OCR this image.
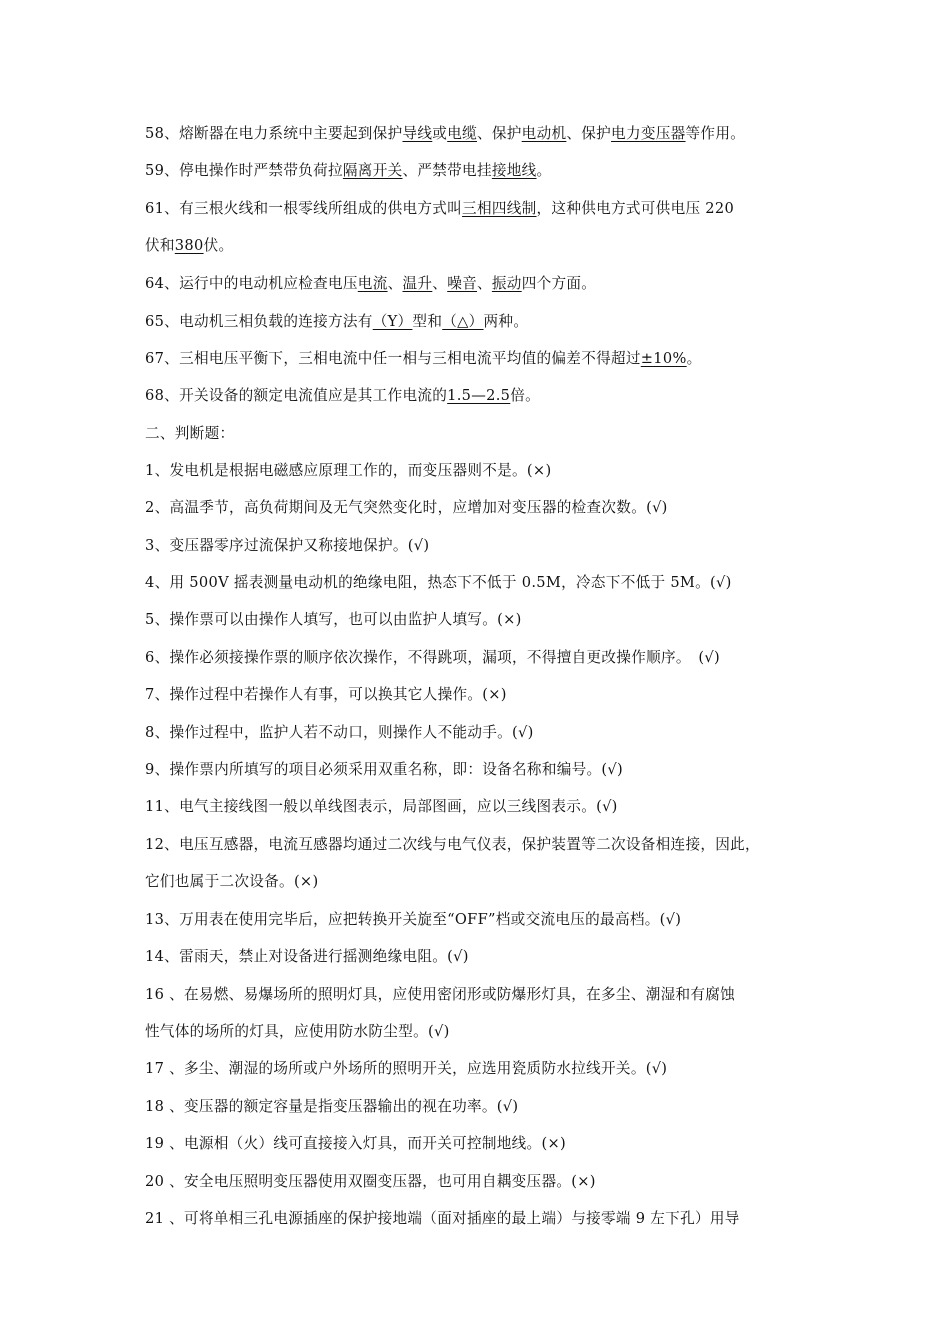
58、熔断器在电力系统中主要起到保护导线或电缆、保护电动机、保护电力变压器等作用。
59、停电操作时严禁带负荷拉隔离开关、严禁带电挂接地线。
61、有三根火线和一根零线所组成的供电方式叫三相四线制，这种供电方式可供电压 220
伏和380伏。
64、运行中的电动机应检查电压电流、温升、噪音、振动四个方面。
65、电动机三相负载的连接方法有（Y）型和（△）两种。
67、三相电压平衡下，三相电流中任一相与三相电流平均值的偏差不得超过±10%。
68、开关设备的额定电流值应是其工作电流的1.5—2.5倍。
二、判断题：
1、发电机是根据电磁感应原理工作的，而变压器则不是。(×)
2、高温季节，高负荷期间及无气突然变化时，应增加对变压器的检查次数。(√)
3、变压器零序过流保护又称接地保护。(√)
4、用 500V 摇表测量电动机的绝缘电阻，热态下不低于 0.5M，冷态下不低于 5M。(√)
5、操作票可以由操作人填写，也可以由监护人填写。(×)
6、操作必须接操作票的顺序依次操作，不得跳项，漏项，不得擅自更改操作顺序。　(√)
7、操作过程中若操作人有事，可以换其它人操作。(×)
8、操作过程中，监护人若不动口，则操作人不能动手。(√)
9、操作票内所填写的项目必须采用双重名称，即：设备名称和编号。(√)
11、电气主接线图一般以单线图表示，局部图画，应以三线图表示。(√)
12、电压互感器，电流互感器均通过二次线与电气仪表，保护装置等二次设备相连接，因此，
它们也属于二次设备。(×)
13、万用表在使用完毕后，应把转换开关旋至“OFF”档或交流电压的最高档。(√)
14、雷雨天，禁止对设备进行摇测绝缘电阻。(√)
16 、在易燃、易爆场所的照明灯具，应使用密闭形或防爆形灯具，在多尘、潮湿和有腐蚀
性气体的场所的灯具，应使用防水防尘型。(√)
17 、多尘、潮湿的场所或户外场所的照明开关，应选用瓷质防水拉线开关。(√)
18 、变压器的额定容量是指变压器输出的视在功率。(√)
19 、电源相（火）线可直接接入灯具，而开关可控制地线。(×)
20 、安全电压照明变压器使用双圈变压器，也可用自耦变压器。(×)
21 、可将单相三孔电源插座的保护接地端（面对插座的最上端）与接零端 9 左下孔）用导
